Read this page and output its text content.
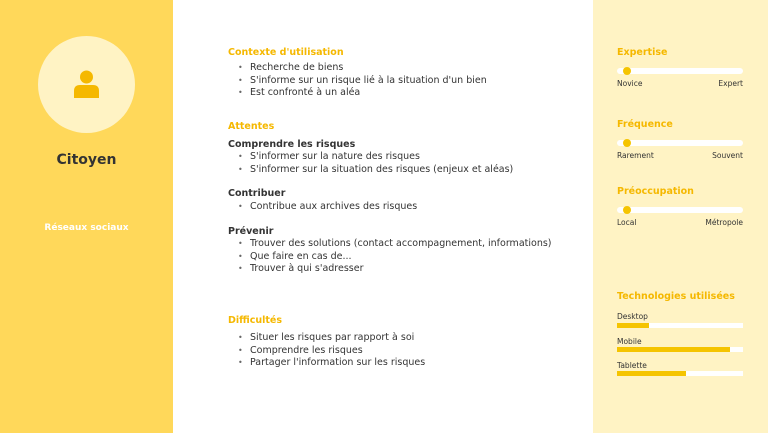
Citoyen
Réseaux sociaux
Contexte d'utilisation
• Recherche de biens
• S'informe sur un risque lié à la situation d'un bien
• Est confronté à un aléa
Attentes
Comprendre les risques
• S'informer sur la nature des risques
• S'informer sur la situation des risques (enjeux et aléas)
Contribuer
• Contribue aux archives des risques
Prévenir
• Trouver des solutions (contact accompagnement, informations)
• Que faire en cas de...
• Trouver à qui s'adresser
Difficultés
• Situer les risques par rapport à soi
• Comprendre les risques
• Partager l'information sur les risques
Expertise
Novice	Expert
Fréquence
Rarement	Souvent
Préoccupation
Local	Métropole
Technologies utilisées
Desktop
Mobile
Tablette
